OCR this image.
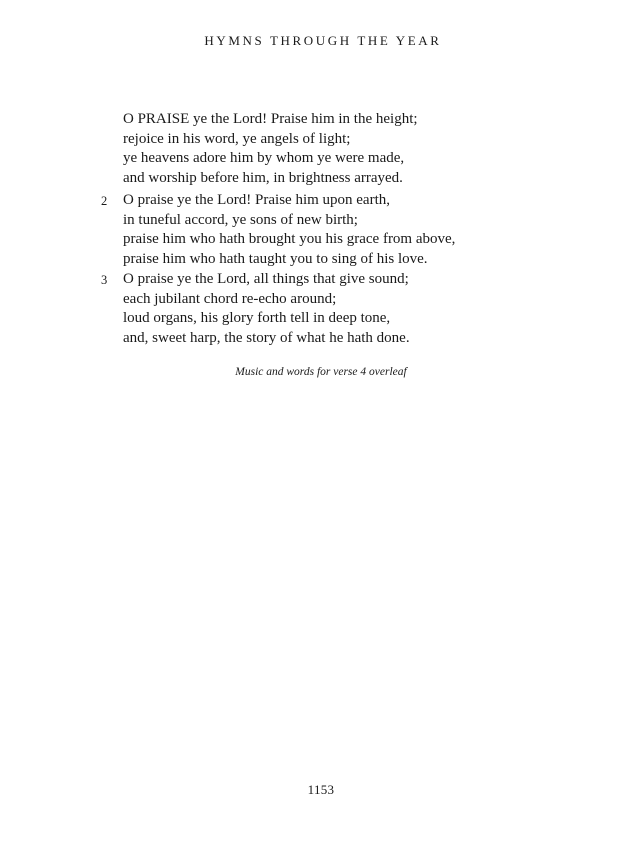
HYMNS THROUGH THE YEAR
O PRAISE ye the Lord! Praise him in the height;
rejoice in his word, ye angels of light;
ye heavens adore him by whom ye were made,
and worship before him, in brightness arrayed.
2 O praise ye the Lord! Praise him upon earth,
in tuneful accord, ye sons of new birth;
praise him who hath brought you his grace from above,
praise him who hath taught you to sing of his love.
3 O praise ye the Lord, all things that give sound;
each jubilant chord re-echo around;
loud organs, his glory forth tell in deep tone,
and, sweet harp, the story of what he hath done.
Music and words for verse 4 overleaf
1153
